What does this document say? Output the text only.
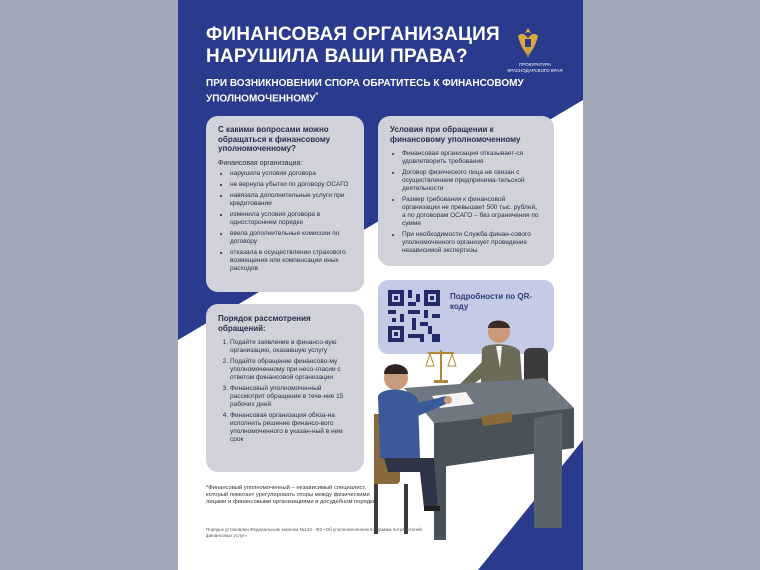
ФИНАНСОВАЯ ОРГАНИЗАЦИЯ НАРУШИЛА ВАШИ ПРАВА?
ПРИ ВОЗНИКНОВЕНИИ СПОРА ОБРАТИТЕСЬ К ФИНАНСОВОМУ УПОЛНОМОЧЕННОМУ*
ПРОКУРАТУРА КРАСНОДАРСКОГО КРАЯ
С какими вопросами можно обращаться к финансовому уполномоченному?

Финансовая организация:

• нарушила условия договора
• не вернула убытки по договору ОСАГО
• навязала дополнительные услуги при кредитовании
• изменила условия договора в одностороннем порядке
• ввела дополнительные комиссии по договору
• отказала в осуществлении страхового возмещения или компенсации иных расходов
Условия при обращении к финансовому уполномоченному
• Финансовая организация отказывает-ся удовлетворить требования
• Договор физического лица не связан с осуществлением предпринима-тельской деятельности
• Размер требования к финансовой организации не превышает 500 тыс. рублей, а по договорам ОСАГО – без ограничения по сумме
• При необходимости Служба финан-сового уполномоченного организует проведение независимой экспертизы
Порядок рассмотрения обращений:
1. Подайте заявление в финансо-вую организацию, оказавшую услугу
2. Подайте обращение финансово-му уполномоченному при несо-гласии с ответом финансовой организации
3. Финансовый уполномоченный рассмотрит обращение в тече-ние 15 рабочих дней
4. Финансовая организация обяза-на исполнить решение финансо-вого уполномоченного в указан-ный в нем срок
Подробности по QR-коду
*Финансовый уполномоченный – независимый специалист, который помогает урегулировать споры между физическими лицами и финансовыми организациями в досудебном порядке.
Порядок установлен Федеральным законом №123 - ФЗ «Об уполномоченном по правам потребителей финансовых услуг»
